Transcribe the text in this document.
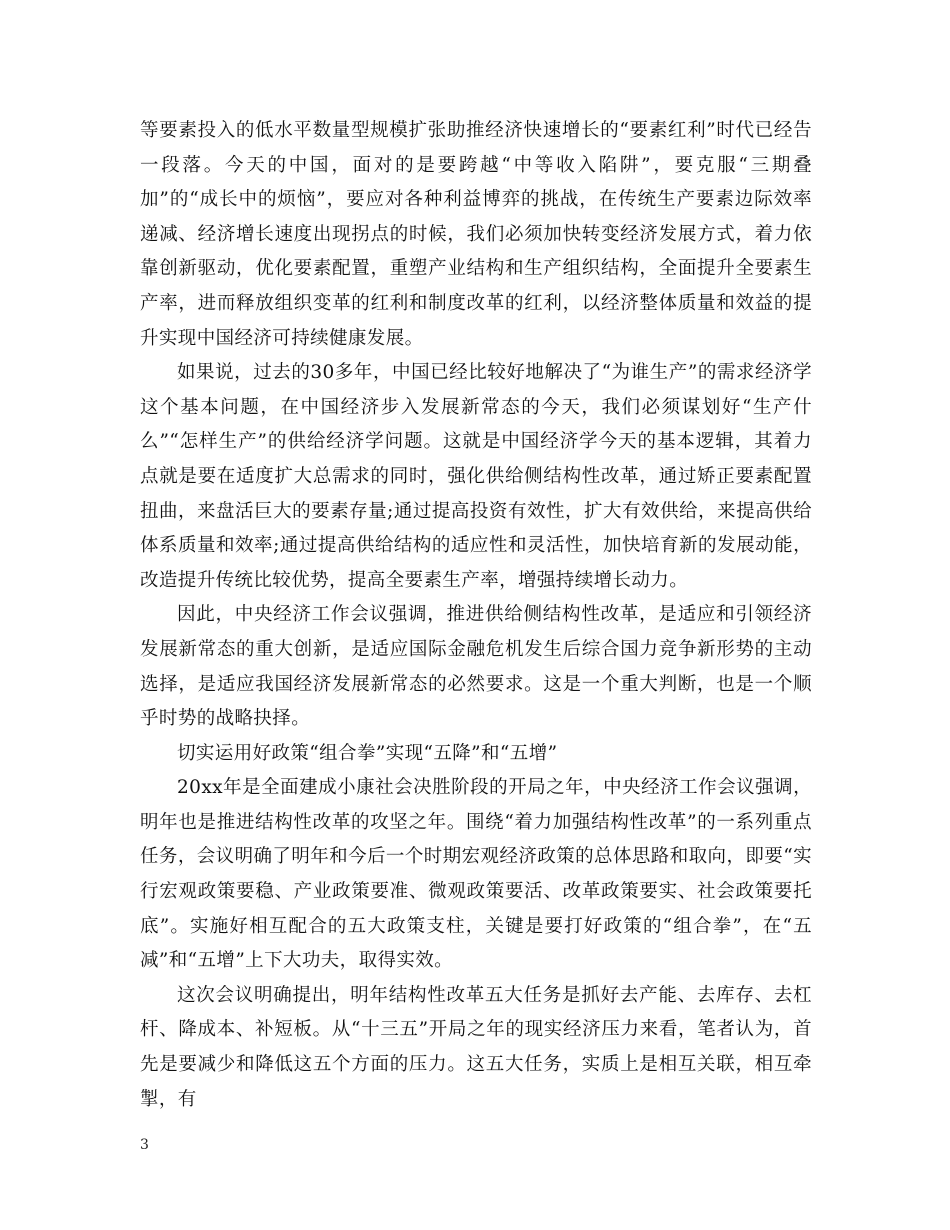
等要素投入的低水平数量型规模扩张助推经济快速增长的“要素红利”时代已经告一段落。今天的中国，面对的是要跨越“中等收入陷阱”，要克服“三期叠加”的“成长中的烦恼”，要应对各种利益博弈的挑战，在传统生产要素边际效率递减、经济增长速度出现拐点的时候，我们必须加快转变经济发展方式，着力依靠创新驱动，优化要素配置，重塑产业结构和生产组织结构，全面提升全要素生产率，进而释放组织变革的红利和制度改革的红利，以经济整体质量和效益的提升实现中国经济可持续健康发展。

如果说，过去的30多年，中国已经比较好地解决了“为谁生产”的需求经济学这个基本问题，在中国经济步入发展新常态的今天，我们必须谋划好“生产什么”“怎样生产”的供给经济学问题。这就是中国经济学今天的基本逻辑，其着力点就是要在适度扩大总需求的同时，强化供给侧结构性改革，通过矫正要素配置扭曲，来盘活巨大的要素存量;通过提高投资有效性，扩大有效供给，来提高供给体系质量和效率;通过提高供给结构的适应性和灵活性，加快培育新的发展动能，改造提升传统比较优势，提高全要素生产率，增强持续增长动力。

因此，中央经济工作会议强调，推进供给侧结构性改革，是适应和引领经济发展新常态的重大创新，是适应国际金融危机发生后综合国力竞争新形势的主动选择，是适应我国经济发展新常态的必然要求。这是一个重大判断，也是一个顺乎时势的战略抉择。

切实运用好政策“组合拳”实现“五降”和“五增”

20xx年是全面建成小康社会决胜阶段的开局之年，中央经济工作会议强调，明年也是推进结构性改革的攻坚之年。围绕“着力加强结构性改革”的一系列重点任务，会议明确了明年和今后一个时期宏观经济政策的总体思路和取向，即要“实行宏观政策要稳、产业政策要准、微观政策要活、改革政策要实、社会政策要托底”。实施好相互配合的五大政策支柱，关键是要打好政策的“组合拳”，在“五减”和“五增”上下大功夫，取得实效。

这次会议明确提出，明年结构性改革五大任务是抓好去产能、去库存、去杠杆、降成本、补短板。从“十三五”开局之年的现实经济压力来看，笔者认为，首先是要减少和降低这五个方面的压力。这五大任务，实质上是相互关联，相互牵掣，有

3
